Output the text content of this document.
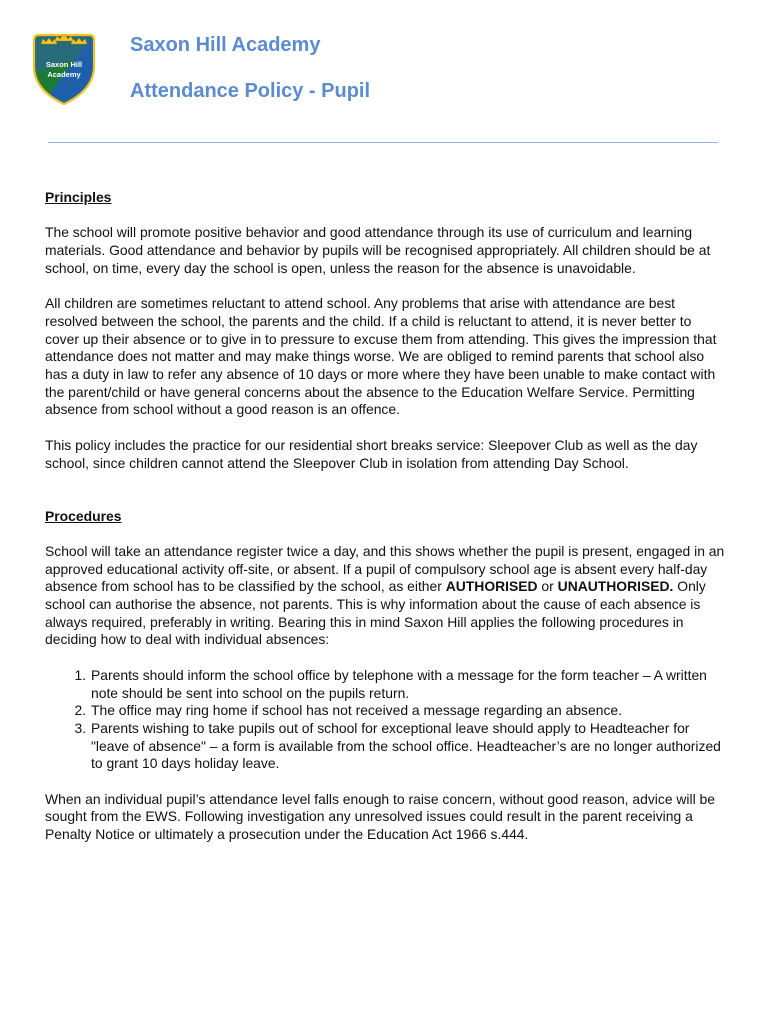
Saxon Hill
Academy
Saxon Hill Academy
Attendance Policy - Pupil
Principles

The school will promote positive behavior and good attendance through its use of curriculum and learning materials. Good attendance and behavior by pupils will be recognised appropriately. All children should be at school, on time, every day the school is open, unless the reason for the absence is unavoidable.

All children are sometimes reluctant to attend school. Any problems that arise with attendance are best resolved between the school, the parents and the child. If a child is reluctant to attend, it is never better to cover up their absence or to give in to pressure to excuse them from attending. This gives the impression that attendance does not matter and may make things worse. We are obliged to remind parents that school also has a duty in law to refer any absence of 10 days or more where they have been unable to make contact with the parent/child or have general concerns about the absence to the Education Welfare Service. Permitting absence from school without a good reason is an offence.

This policy includes the practice for our residential short breaks service: Sleepover Club as well as the day school, since children cannot attend the Sleepover Club in isolation from attending Day School.

Procedures

School will take an attendance register twice a day, and this shows whether the pupil is present, engaged in an approved educational activity off-site, or absent. If a pupil of compulsory school age is absent every half-day absence from school has to be classified by the school, as either AUTHORISED or UNAUTHORISED. Only school can authorise the absence, not parents. This is why information about the cause of each absence is always required, preferably in writing. Bearing this in mind Saxon Hill applies the following procedures in deciding how to deal with individual absences:

1. Parents should inform the school office by telephone with a message for the form teacher – A written note should be sent into school on the pupils return.
2. The office may ring home if school has not received a message regarding an absence.
3. Parents wishing to take pupils out of school for exceptional leave should apply to Headteacher for "leave of absence" – a form is available from the school office. Headteacher’s are no longer authorized to grant 10 days holiday leave.

When an individual pupil’s attendance level falls enough to raise concern, without good reason, advice will be sought from the EWS. Following investigation any unresolved issues could result in the parent receiving a Penalty Notice or ultimately a prosecution under the Education Act 1966 s.444.
